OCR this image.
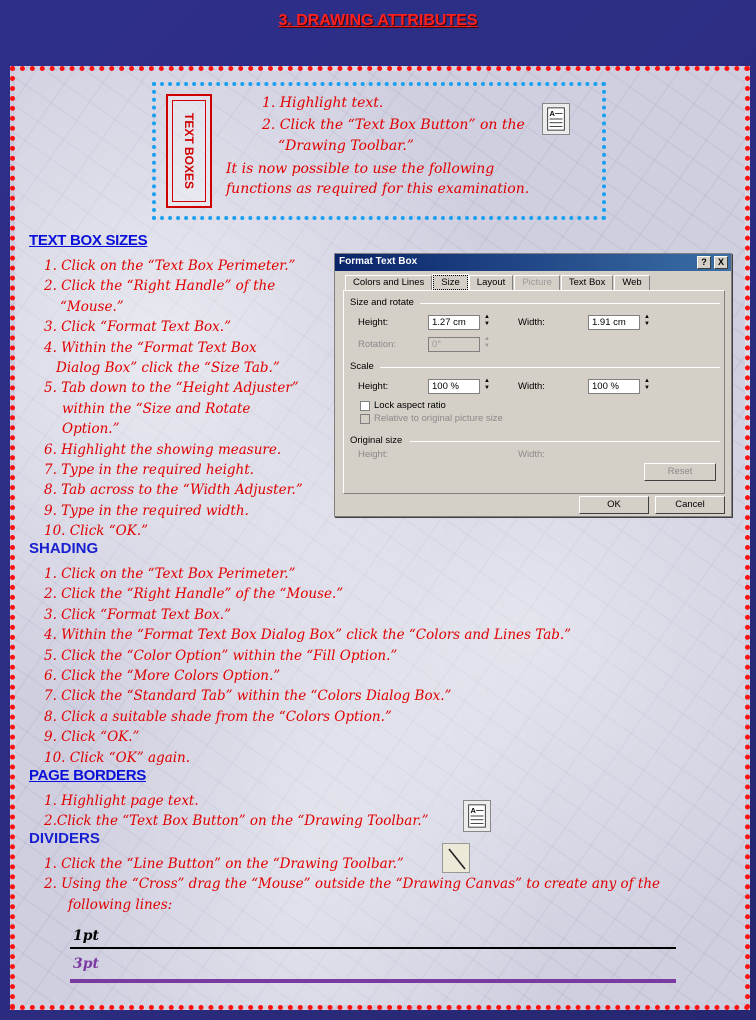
3. DRAWING ATTRIBUTES
TEXT BOXES
1. Highlight text.
2. Click the “Text Box Button” on the
“Drawing Toolbar.”
It is now possible to use the following
functions as required for this examination.
A
TEXT BOX SIZES
1. Click on the “Text Box Perimeter.”
2. Click the “Right Handle” of the
“Mouse.”
3. Click “Format Text Box.”
4. Within the “Format Text Box
Dialog Box” click the “Size Tab.”
5. Tab down to the “Height Adjuster”
within the “Size and Rotate
Option.”
6. Highlight the showing measure.
7. Type in the required height.
8. Tab across to the “Width Adjuster.”
9. Type in the required width.
10. Click “OK.”
Format Text Box	?	X
Colors and Lines	Size	Layout	Picture	Text Box	Web
Size and rotate
Height:	1.27 cm ▲ ▼	Width:	1.91 cm
▲ ▼
Rotation:	0°
▲ ▼
Scale
Height:	100 % ▲ ▼	Width:	100 %
▲ ▼
Lock aspect ratio
Relative to original picture size
Original size
Height:	Width:
Reset
OK	Cancel
SHADING
1. Click on the “Text Box Perimeter.”
2. Click the “Right Handle” of the “Mouse.”
3. Click “Format Text Box.”
4. Within the “Format Text Box Dialog Box” click the “Colors and Lines Tab.”
5. Click the “Color Option” within the “Fill Option.”
6. Click the “More Colors Option.”
7. Click the “Standard Tab” within the “Colors Dialog Box.”
8. Click a suitable shade from the “Colors Option.”
9. Click “OK.”
10. Click “OK” again.
PAGE BORDERS
1. Highlight page text.
2.Click the “Text Box Button” on the “Drawing Toolbar.”
A
DIVIDERS
1. Click the “Line Button” on the “Drawing Toolbar.”
2. Using the “Cross” drag the “Mouse” outside the “Drawing Canvas” to create any of the
following lines:
1pt
3pt
